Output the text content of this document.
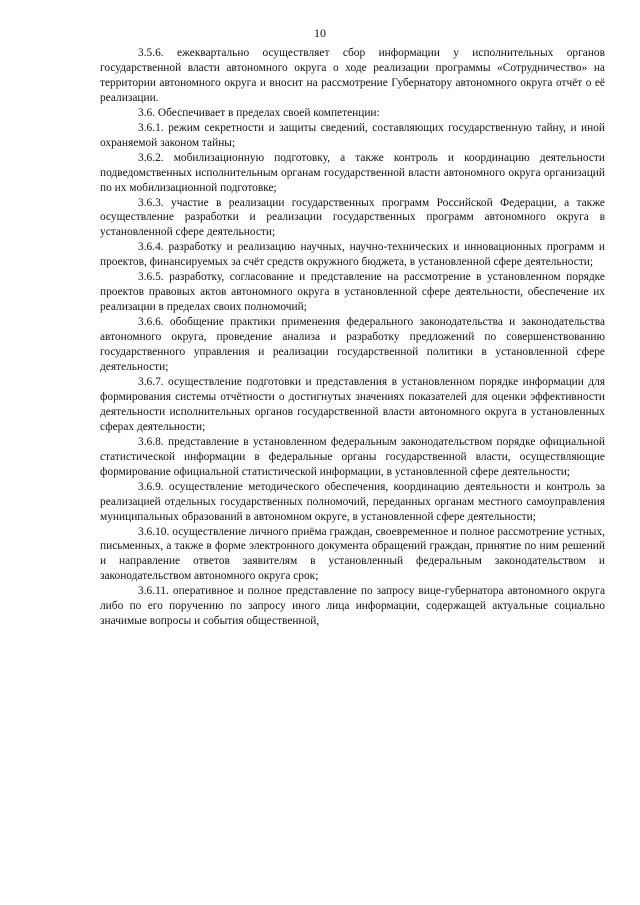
10

3.5.6. ежеквартально осуществляет сбор информации у исполнительных органов государственной власти автономного округа о ходе реализации программы «Сотрудничество» на территории автономного округа и вносит на рассмотрение Губернатору автономного округа отчёт о её реализации.

3.6. Обеспечивает в пределах своей компетенции:

3.6.1. режим секретности и защиты сведений, составляющих государственную тайну, и иной охраняемой законом тайны;

3.6.2. мобилизационную подготовку, а также контроль и координацию деятельности подведомственных исполнительным органам государственной власти автономного округа организаций по их мобилизационной подготовке;

3.6.3. участие в реализации государственных программ Российской Федерации, а также осуществление разработки и реализации государственных программ автономного округа в установленной сфере деятельности;

3.6.4. разработку и реализацию научных, научно-технических и инновационных программ и проектов, финансируемых за счёт средств окружного бюджета, в установленной сфере деятельности;

3.6.5. разработку, согласование и представление на рассмотрение в установленном порядке проектов правовых актов автономного округа в установленной сфере деятельности, обеспечение их реализации в пределах своих полномочий;

3.6.6. обобщение практики применения федерального законодательства и законодательства автономного округа, проведение анализа и разработку предложений по совершенствованию государственного управления и реализации государственной политики в установленной сфере деятельности;

3.6.7. осуществление подготовки и представления в установленном порядке информации для формирования системы отчётности о достигнутых значениях показателей для оценки эффективности деятельности исполнительных органов государственной власти автономного округа в установленных сферах деятельности;

3.6.8. представление в установленном федеральным законодательством порядке официальной статистической информации в федеральные органы государственной власти, осуществляющие формирование официальной статистической информации, в установленной сфере деятельности;

3.6.9. осуществление методического обеспечения, координацию деятельности и контроль за реализацией отдельных государственных полномочий, переданных органам местного самоуправления муниципальных образований в автономном округе, в установленной сфере деятельности;

3.6.10. осуществление личного приёма граждан, своевременное и полное рассмотрение устных, письменных, а также в форме электронного документа обращений граждан, принятие по ним решений и направление ответов заявителям в установленный федеральным законодательством и законодательством автономного округа срок;

3.6.11. оперативное и полное представление по запросу вице-губернатора автономного округа либо по его поручению по запросу иного лица информации, содержащей актуальные социально значимые вопросы и события общественной,
